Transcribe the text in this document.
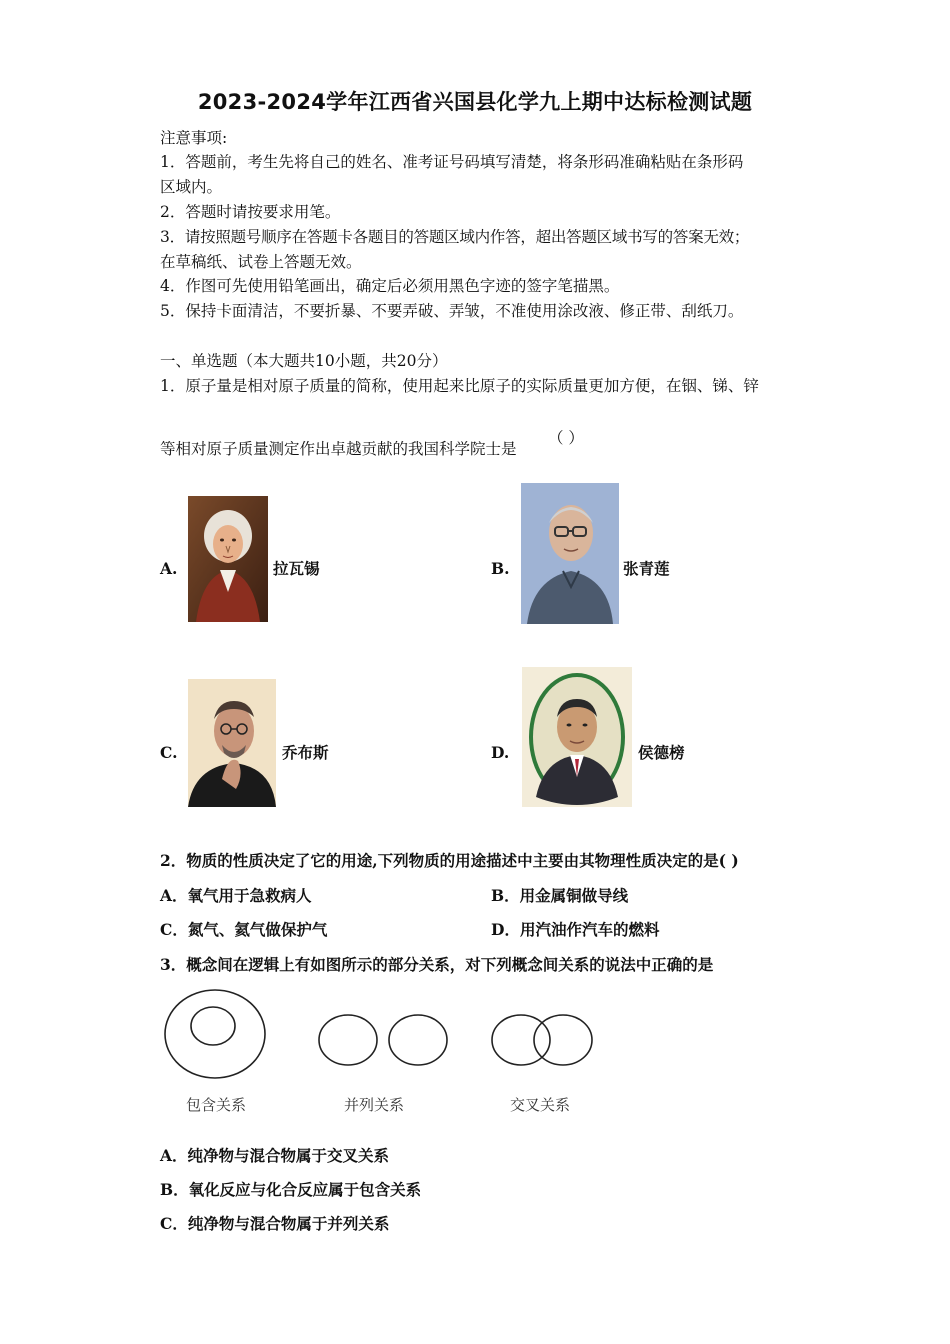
2023-2024学年江西省兴国县化学九上期中达标检测试题
注意事项:
1．答题前，考生先将自己的姓名、准考证号码填写清楚，将条形码准确粘贴在条形码
区域内。
2．答题时请按要求用笔。
3．请按照题号顺序在答题卡各题目的答题区域内作答，超出答题区域书写的答案无效；
在草稿纸、试卷上答题无效。
4．作图可先使用铅笔画出，确定后必须用黑色字迹的签字笔描黑。
5．保持卡面清洁，不要折暴、不要弄破、弄皱，不准使用涂改液、修正带、刮纸刀。
一、单选题（本大题共10小题，共20分）
1．原子量是相对原子质量的简称，使用起来比原子的实际质量更加方便，在铟、锑、锌
等相对原子质量测定作出卓越贡献的我国科学院士是
（ ）
A.	拉瓦锡	B.	张青莲
C.	乔布斯	D.	侯德榜
2．物质的性质决定了它的用途,下列物质的用途描述中主要由其物理性质决定的是( )
A．氧气用于急救病人	B．用金属铜做导线
C．氮气、氦气做保护气	D．用汽油作汽车的燃料
3．概念间在逻辑上有如图所示的部分关系，对下列概念间关系的说法中正确的是
包含关系	并列关系	交叉关系
A．纯净物与混合物属于交叉关系
B．氧化反应与化合反应属于包含关系
C．纯净物与混合物属于并列关系
